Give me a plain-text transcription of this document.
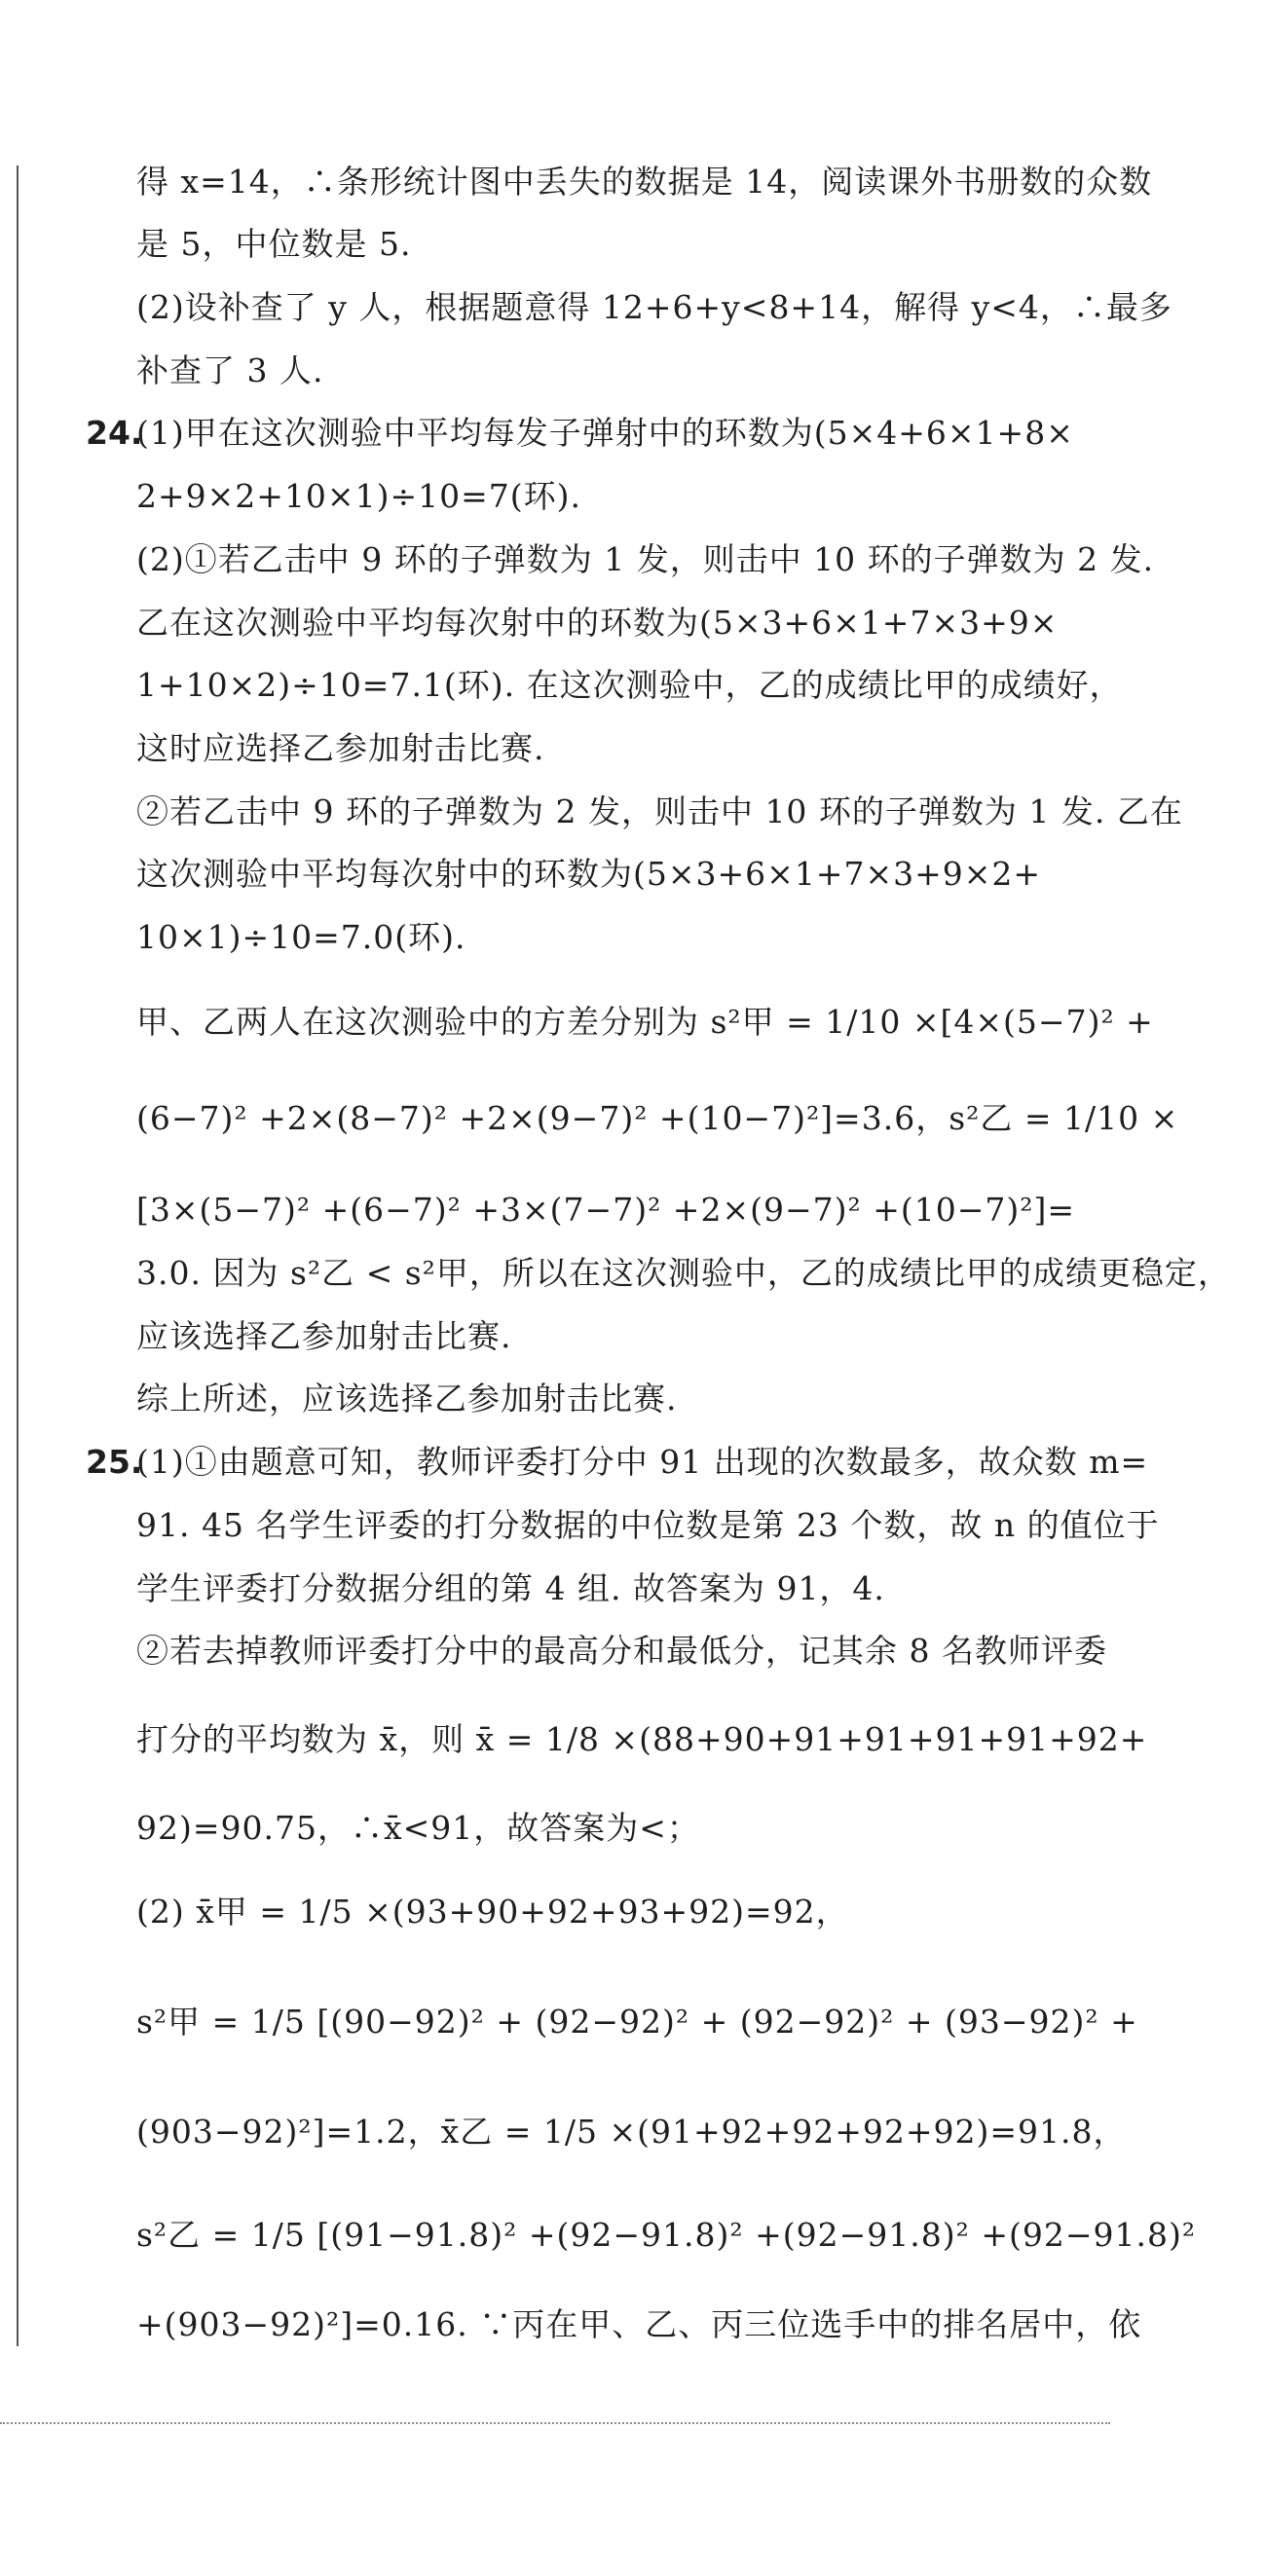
得 x=14，∴条形统计图中丢失的数据是 14，阅读课外书册数的众数

是 5，中位数是 5.

(2)设补查了 y 人，根据题意得 12+6+y<8+14，解得 y<4，∴最多

补查了 3 人.

24.

(1)甲在这次测验中平均每发子弹射中的环数为(5×4+6×1+8×

2+9×2+10×1)÷10=7(环).

(2)①若乙击中 9 环的子弹数为 1 发，则击中 10 环的子弹数为 2 发.

乙在这次测验中平均每次射中的环数为(5×3+6×1+7×3+9×

1+10×2)÷10=7.1(环). 在这次测验中，乙的成绩比甲的成绩好，

这时应选择乙参加射击比赛.

②若乙击中 9 环的子弹数为 2 发，则击中 10 环的子弹数为 1 发. 乙在

这次测验中平均每次射中的环数为(5×3+6×1+7×3+9×2+

10×1)÷10=7.0(环).

甲、乙两人在这次测验中的方差分别为 s²甲 = 1/10 ×[4×(5−7)² +

(6−7)² +2×(8−7)² +2×(9−7)² +(10−7)²]=3.6，s²乙 = 1/10 ×

[3×(5−7)² +(6−7)² +3×(7−7)² +2×(9−7)² +(10−7)²]=

3.0. 因为 s²乙 < s²甲，所以在这次测验中，乙的成绩比甲的成绩更稳定，

应该选择乙参加射击比赛.

综上所述，应该选择乙参加射击比赛.

25.

(1)①由题意可知，教师评委打分中 91 出现的次数最多，故众数 m=

91. 45 名学生评委的打分数据的中位数是第 23 个数，故 n 的值位于

学生评委打分数据分组的第 4 组. 故答案为 91，4.

②若去掉教师评委打分中的最高分和最低分，记其余 8 名教师评委

打分的平均数为 x̄，则 x̄ = 1/8 ×(88+90+91+91+91+91+92+

92)=90.75，∴x̄<91，故答案为<；

(2) x̄甲 = 1/5 ×(93+90+92+93+92)=92，

s²甲 = 1/5 [(90−92)² + (92−92)² + (92−92)² + (93−92)² +

(903−92)²]=1.2，x̄乙 = 1/5 ×(91+92+92+92+92)=91.8，

s²乙 = 1/5 [(91−91.8)² +(92−91.8)² +(92−91.8)² +(92−91.8)²

+(903−92)²]=0.16. ∵丙在甲、乙、丙三位选手中的排名居中，依
